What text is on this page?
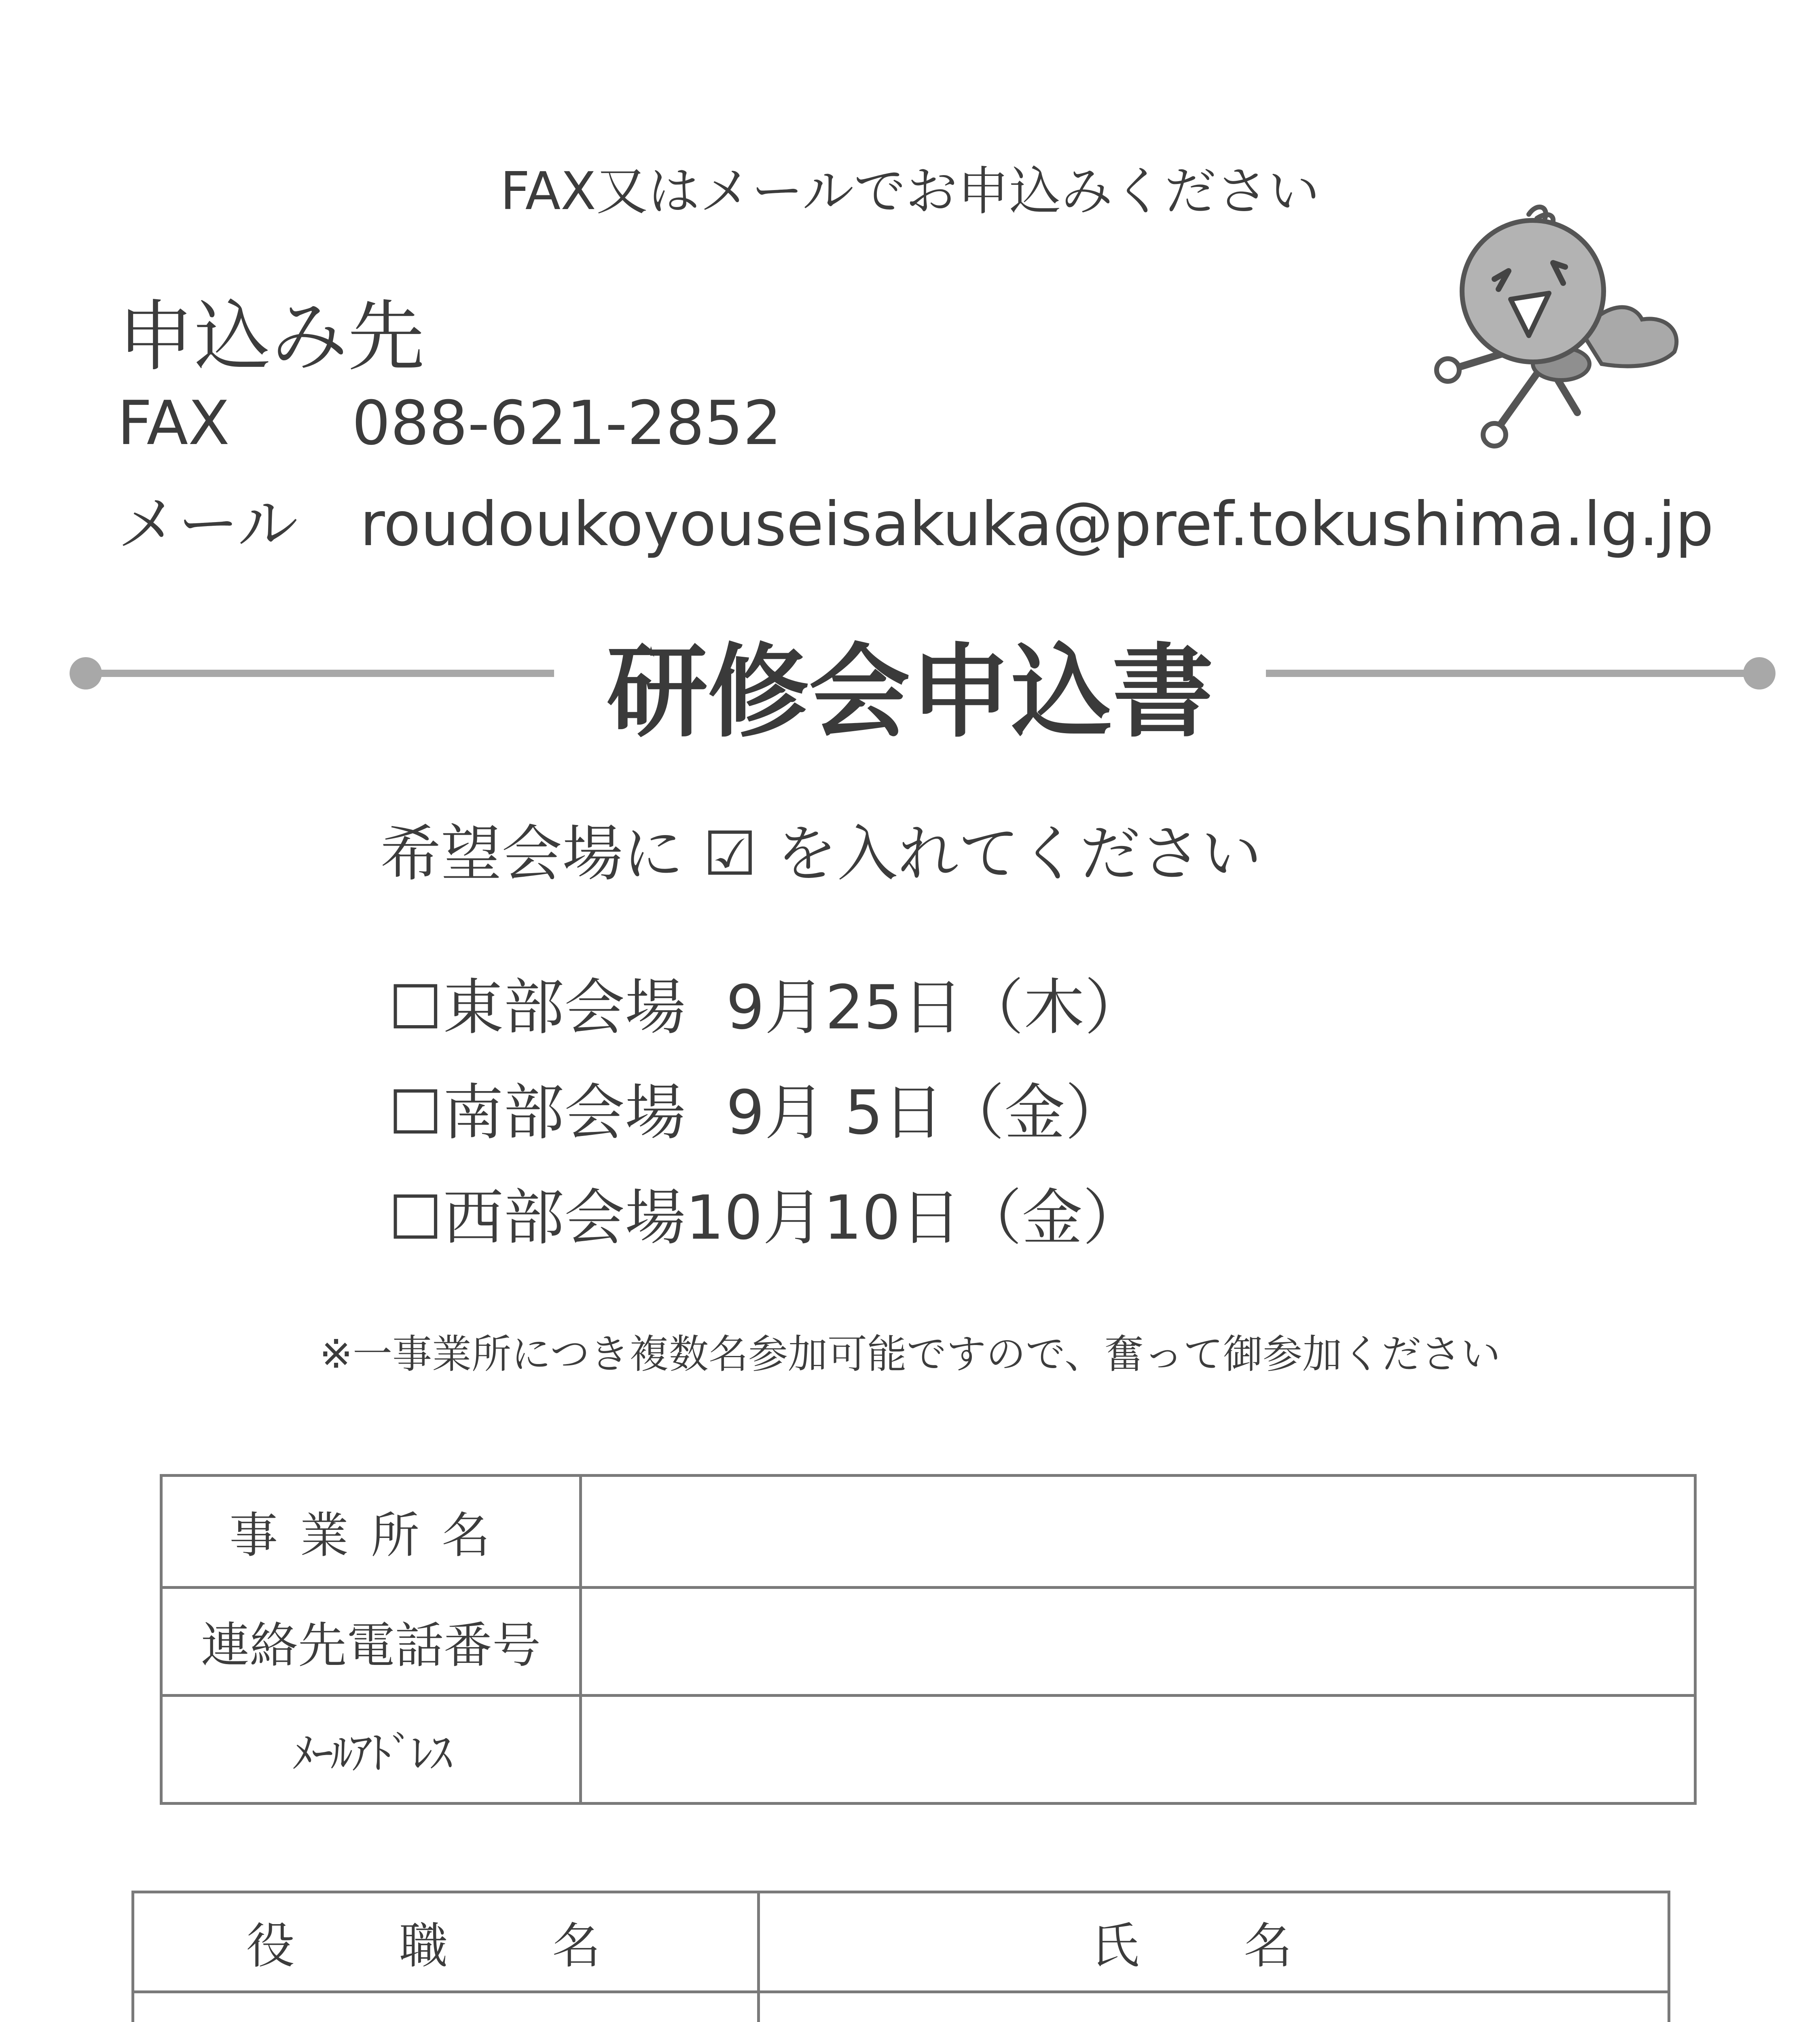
FAX又はメールでお申込みください
申込み先
FAX 088-621-2852
メール roudoukoyouseisakuka@pref.tokushima.lg.jp
研修会申込書
希望会場に ☑ を入れてください
☐東部会場 9月25日（木）
☐南部会場 9月 5日（金）
☐西部会場10月10日（金）
※一事業所につき複数名参加可能ですので、奮って御参加ください
事業所名	
連絡先電話番号	
ﾒｰﾙｱﾄﾞﾚｽ	
役 職 名	氏 名
